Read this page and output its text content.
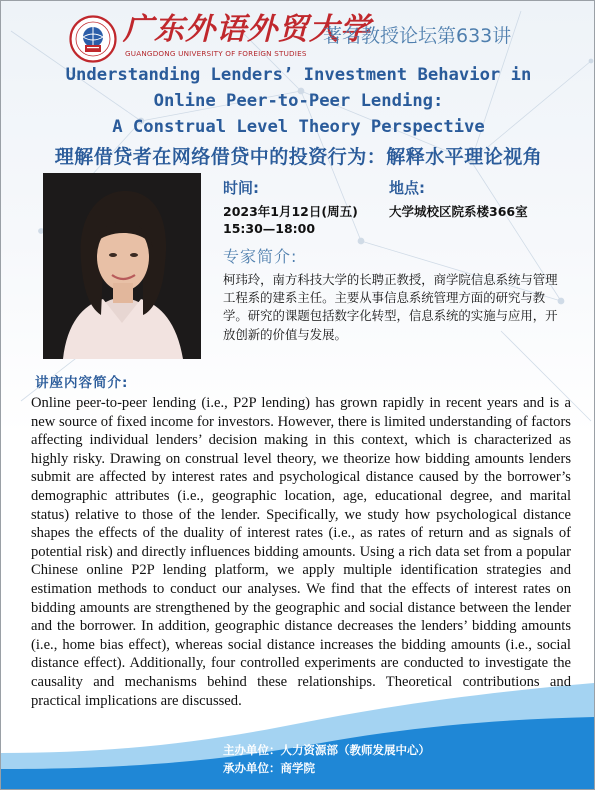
广东外语外贸大学
GUANGDONG UNIVERSITY OF FOREIGN STUDIES
著名教授论坛第633讲
Understanding Lenders’ Investment Behavior in
Online Peer-to-Peer Lending:
A Construal Level Theory Perspective
理解借贷者在网络借贷中的投资行为：解释水平理论视角
时间:	地点:
2023年1月12日(周五) 大学城校区院系楼366室
15:30—18:00
专家简介:
柯玮玲，南方科技大学的长聘正教授，商学院信息系统与管理工程系的建系主任。主要从事信息系统管理方面的研究与教学。研究的课题包括数字化转型，信息系统的实施与应用，开放创新的价值与发展。
讲座内容简介:
Online peer-to-peer lending (i.e., P2P lending) has grown rapidly in recent years and is a new source of fixed income for investors. However, there is limited understanding of factors affecting individual lenders’ decision making in this context, which is characterized as highly risky. Drawing on construal level theory, we theorize how bidding amounts lenders submit are affected by interest rates and psychological distance caused by the borrower’s demographic attributes (i.e., geographic location, age, educational degree, and marital status) relative to those of the lender. Specifically, we study how psychological distance shapes the effects of the duality of interest rates (i.e., as rates of return and as signals of potential risk) and directly influences bidding amounts. Using a rich data set from a popular Chinese online P2P lending platform, we apply multiple identification strategies and estimation methods to conduct our analyses. We find that the effects of interest rates on bidding amounts are strengthened by the geographic and social distance between the lender and the borrower. In addition, geographic distance decreases the lenders’ bidding amounts (i.e., home bias effect), whereas social distance increases the bidding amounts (i.e., social distance effect). Additionally, four controlled experiments are conducted to investigate the causality and mechanisms behind these relationships. Theoretical contributions and practical implications are discussed.
主办单位：人力资源部（教师发展中心）
承办单位：商学院
